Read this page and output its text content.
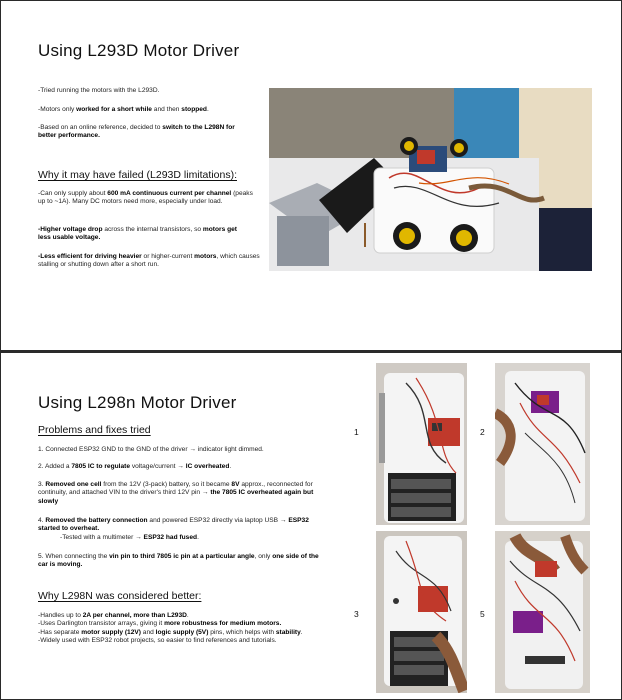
Using L293D Motor Driver

-Tried running the motors with the L293D.

-Motors only worked for a short while and then stopped.

-Based on an online reference, decided to switch to the L298N for better performance.

Why it may have failed (L293D limitations):

-Can only supply about 600 mA continuous current per channel (peaks up to ~1A). Many DC motors need more, especially under load.

-Higher voltage drop across the internal transistors, so motors get less usable voltage.

-Less efficient for driving heavier or higher-current motors, which causes stalling or shutting down after a short run.

Using L298n Motor Driver
Problems and fixes tried

1. Connected ESP32 GND to the GND of the driver → indicator light dimmed.

2. Added a 7805 IC to regulate voltage/current → IC overheated.

3. Removed one cell from the 12V (3-pack) battery, so it became 8V approx., reconnected for continuity, and attached VIN to the driver's third 12V pin → the 7805 IC overheated again but slowly

4. Removed the battery connection and powered ESP32 directly via laptop USB → ESP32 started to overheat.
-Tested with a multimeter → ESP32 had fused.

5. When connecting the vin pin to third 7805 ic pin at a particular angle, only one side of the car is moving.

Why L298N was considered better:

-Handles up to 2A per channel, more than L293D.
-Uses Darlington transistor arrays, giving it more robustness for medium motors.
-Has separate motor supply (12V) and logic supply (5V) pins, which helps with stability.
-Widely used with ESP32 robot projects, so easier to find references and tutorials.

1	2
3	5
